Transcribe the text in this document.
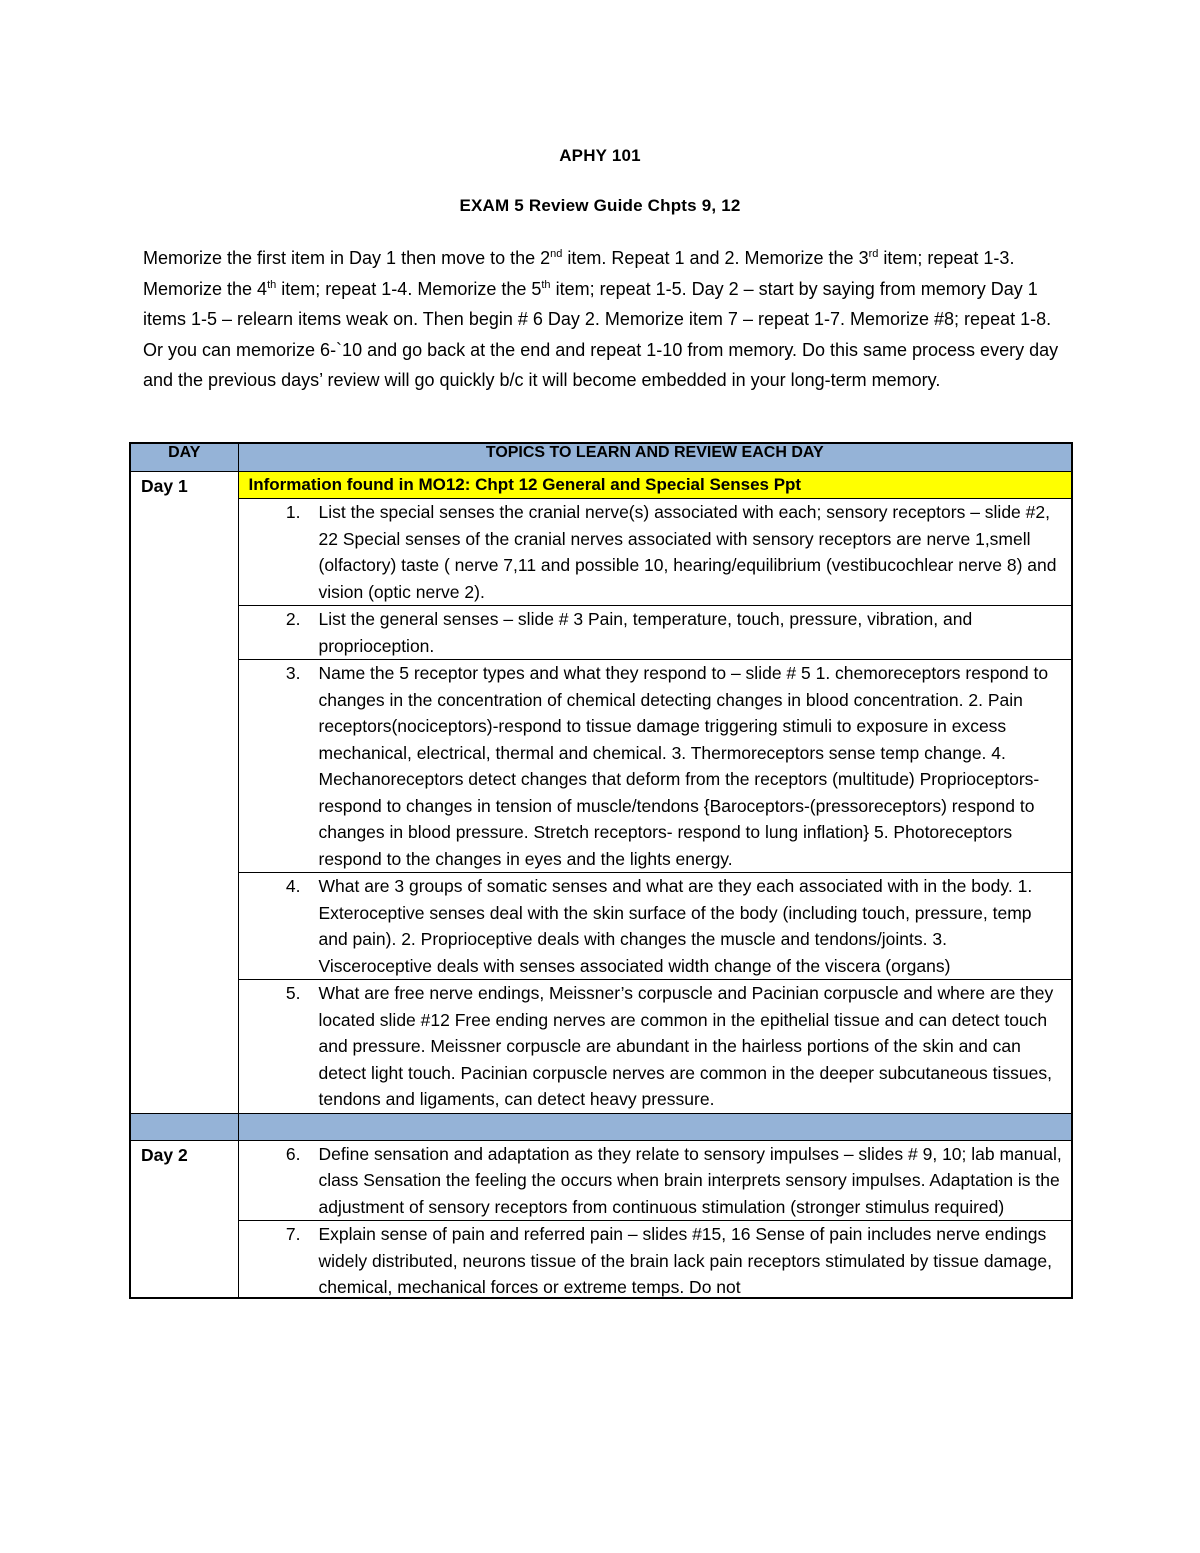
APHY 101
EXAM 5 Review Guide Chpts 9, 12
Memorize the first item in Day 1 then move to the 2nd item. Repeat 1 and 2. Memorize the 3rd item; repeat 1-3. Memorize the 4th item; repeat 1-4. Memorize the 5th item; repeat 1-5. Day 2 – start by saying from memory Day 1 items 1-5 – relearn items weak on. Then begin # 6 Day 2. Memorize item 7 – repeat 1-7. Memorize #8; repeat 1-8. Or you can memorize 6-`10 and go back at the end and repeat 1-10 from memory. Do this same process every day and the previous days’ review will go quickly b/c it will become embedded in your long-term memory.
DAY	TOPICS TO LEARN AND REVIEW EACH DAY
Day 1	Information found in MO12: Chpt 12 General and Special Senses Ppt

	1. List the special senses the cranial nerve(s) associated with each; sensory receptors – slide #2, 22 Special senses of the cranial nerves associated with sensory receptors are nerve 1,smell (olfactory) taste ( nerve 7,11 and possible 10, hearing/equilibrium (vestibucochlear nerve 8) and vision (optic nerve 2).

	2. List the general senses – slide # 3 Pain, temperature, touch, pressure, vibration, and proprioception.

	3. Name the 5 receptor types and what they respond to – slide # 5 1. chemoreceptors respond to changes in the concentration of chemical detecting changes in blood concentration. 2. Pain receptors(nociceptors)-respond to tissue damage triggering stimuli to exposure in excess mechanical, electrical, thermal and chemical. 3. Thermoreceptors sense temp change. 4. Mechanoreceptors detect changes that deform from the receptors (multitude) Proprioceptors- respond to changes in tension of muscle/tendons {Baroceptors-(pressoreceptors) respond to changes in blood pressure. Stretch receptors- respond to lung inflation} 5. Photoreceptors respond to the changes in eyes and the lights energy.

	4. What are 3 groups of somatic senses and what are they each associated with in the body. 1. Exteroceptive senses deal with the skin surface of the body (including touch, pressure, temp and pain). 2. Proprioceptive deals with changes the muscle and tendons/joints. 3. Visceroceptive deals with senses associated width change of the viscera (organs)

	5. What are free nerve endings, Meissner’s corpuscle and Pacinian corpuscle and where are they located slide #12 Free ending nerves are common in the epithelial tissue and can detect touch and pressure. Meissner corpuscle are abundant in the hairless portions of the skin and can detect light touch. Pacinian corpuscle nerves are common in the deeper subcutaneous tissues, tendons and ligaments, can detect heavy pressure.

Day 2	6. Define sensation and adaptation as they relate to sensory impulses – slides # 9, 10; lab manual, class Sensation the feeling the occurs when brain interprets sensory impulses. Adaptation is the adjustment of sensory receptors from continuous stimulation (stronger stimulus required)

	7. Explain sense of pain and referred pain – slides #15, 16 Sense of pain includes nerve endings widely distributed, neurons tissue of the brain lack pain receptors stimulated by tissue damage, chemical, mechanical forces or extreme temps. Do not
